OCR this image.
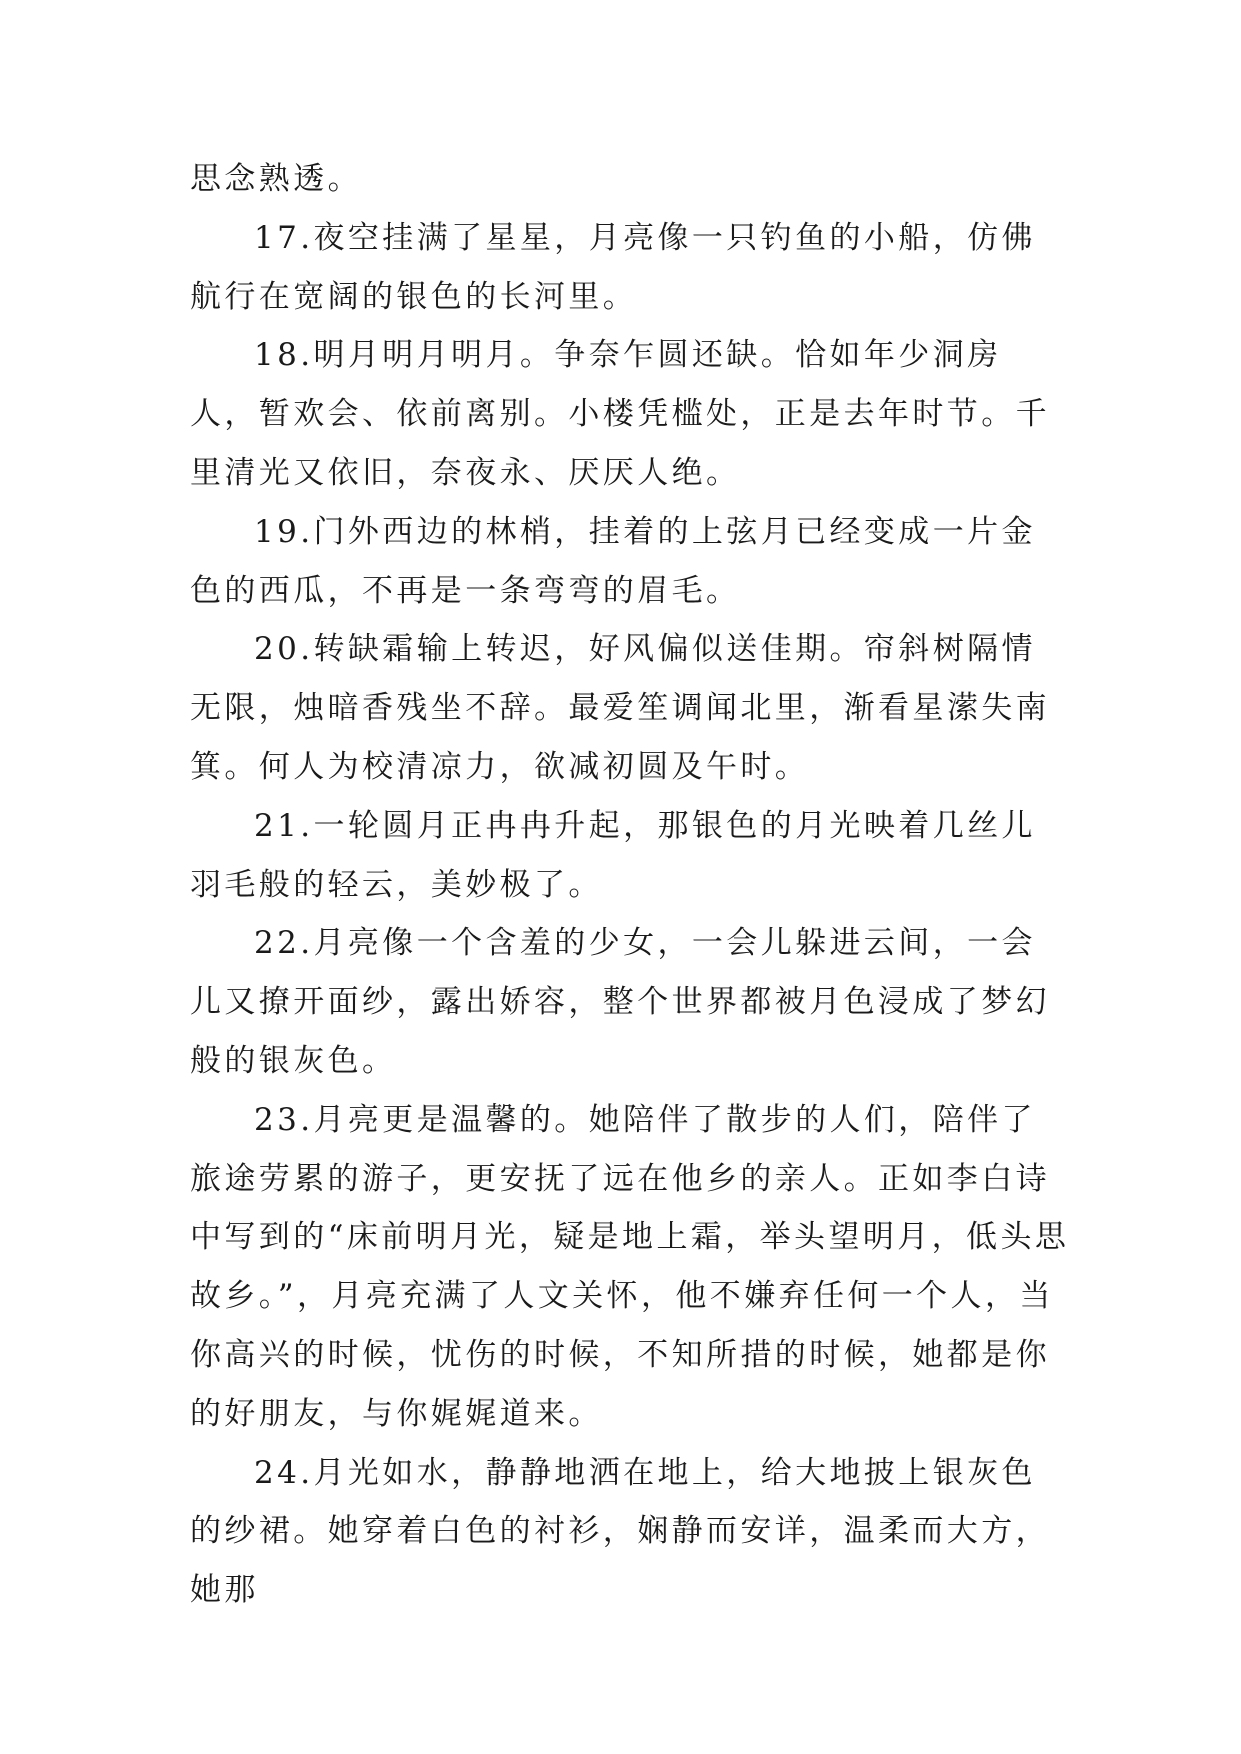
思念熟透。

17.夜空挂满了星星，月亮像一只钓鱼的小船，仿佛航行在宽阔的银色的长河里。

18.明月明月明月。争奈乍圆还缺。恰如年少洞房人，暂欢会、依前离别。小楼凭槛处，正是去年时节。千里清光又依旧，奈夜永、厌厌人绝。

19.门外西边的林梢，挂着的上弦月已经变成一片金色的西瓜，不再是一条弯弯的眉毛。

20.转缺霜输上转迟，好风偏似送佳期。帘斜树隔情无限，烛暗香残坐不辞。最爱笙调闻北里，渐看星潆失南箕。何人为校清凉力，欲减初圆及午时。

21.一轮圆月正冉冉升起，那银色的月光映着几丝儿羽毛般的轻云，美妙极了。

22.月亮像一个含羞的少女，一会儿躲进云间，一会儿又撩开面纱，露出娇容，整个世界都被月色浸成了梦幻般的银灰色。

23.月亮更是温馨的。她陪伴了散步的人们，陪伴了旅途劳累的游子，更安抚了远在他乡的亲人。正如李白诗中写到的“床前明月光，疑是地上霜，举头望明月，低头思故乡。”，月亮充满了人文关怀，他不嫌弃任何一个人，当你高兴的时候，忧伤的时候，不知所措的时候，她都是你的好朋友，与你娓娓道来。

24.月光如水，静静地洒在地上，给大地披上银灰色的纱裙。她穿着白色的衬衫，娴静而安详，温柔而大方，她那
